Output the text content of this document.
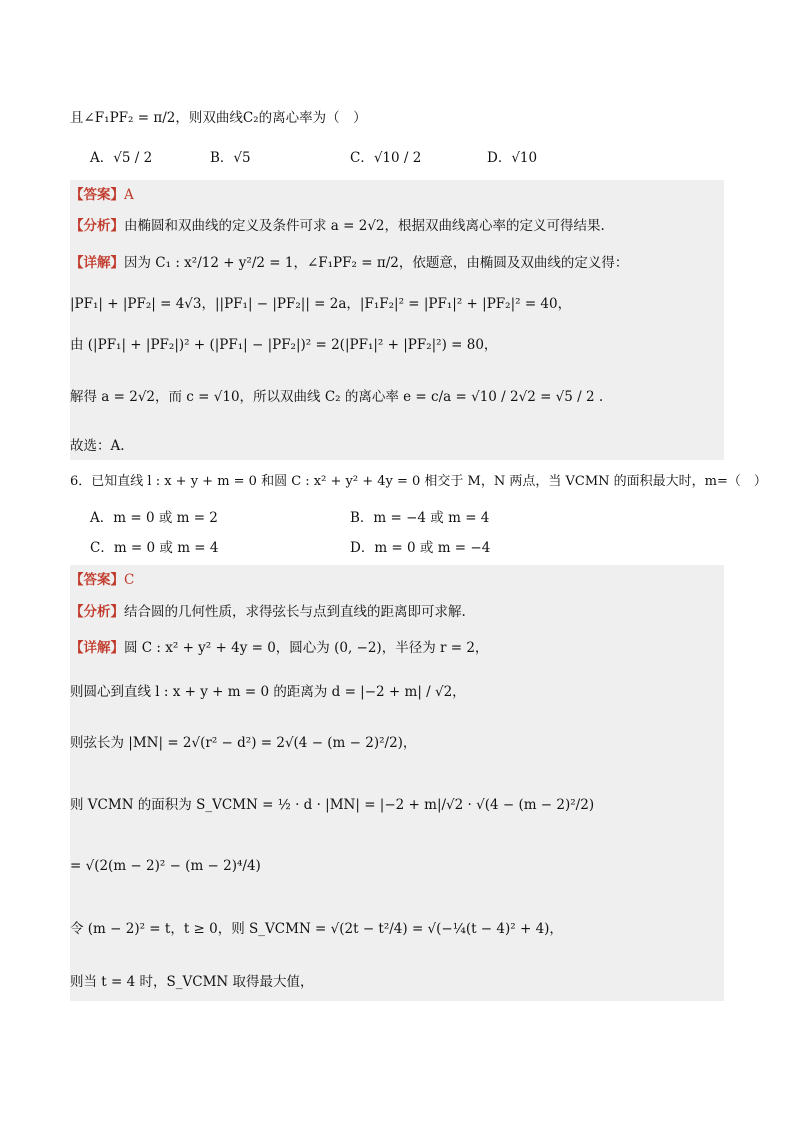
且∠F₁PF₂ = π/2，则双曲线C₂的离心率为（　）
A．√5 / 2	B．√5	C．√10 / 2	D．√10
【答案】A
【分析】由椭圆和双曲线的定义及条件可求 a = 2√2，根据双曲线离心率的定义可得结果.
【详解】因为 C₁ : x²/12 + y²/2 = 1，∠F₁PF₂ = π/2，依题意，由椭圆及双曲线的定义得：
|PF₁| + |PF₂| = 4√3，||PF₁| − |PF₂|| = 2a，|F₁F₂|² = |PF₁|² + |PF₂|² = 40，
由 (|PF₁| + |PF₂|)² + (|PF₁| − |PF₂|)² = 2(|PF₁|² + |PF₂|²) = 80，
解得 a = 2√2，而 c = √10，所以双曲线 C₂ 的离心率 e = c/a = √10 / 2√2 = √5 / 2 .
故选：A.
6．已知直线 l : x + y + m = 0 和圆 C : x² + y² + 4y = 0 相交于 M，N 两点，当 VCMN 的面积最大时，m=（　）
A．m = 0 或 m = 2	B．m = −4 或 m = 4
C．m = 0 或 m = 4	D．m = 0 或 m = −4
【答案】C
【分析】结合圆的几何性质，求得弦长与点到直线的距离即可求解.
【详解】圆 C : x² + y² + 4y = 0，圆心为 (0, −2)，半径为 r = 2，
则圆心到直线 l : x + y + m = 0 的距离为 d = |−2 + m| / √2，
则弦长为 |MN| = 2√(r² − d²) = 2√(4 − (m − 2)²/2)，
则 VCMN 的面积为 S_VCMN = ½ · d · |MN| = |−2 + m|/√2 · √(4 − (m − 2)²/2)
= √(2(m − 2)² − (m − 2)⁴/4)
令 (m − 2)² = t，t ≥ 0，则 S_VCMN = √(2t − t²/4) = √(−¼(t − 4)² + 4)，
则当 t = 4 时，S_VCMN 取得最大值，
